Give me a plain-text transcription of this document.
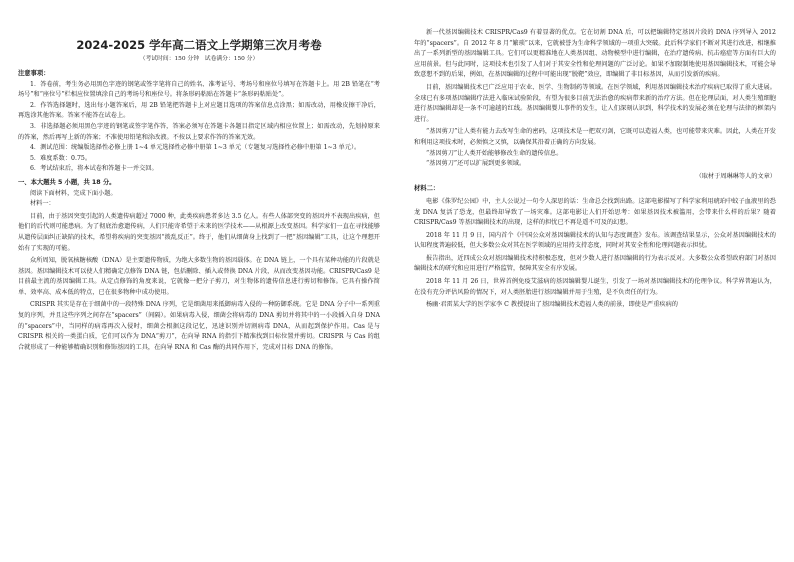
2024-2025 学年高二语文上学期第三次月考卷
（考试时间：150 分钟　试卷满分：150 分）
注意事项：

1．答卷前，考生务必用黑色字迹的钢笔或签字笔将自己的姓名、准考证号、考场号和座位号填写在答题卡上。用 2B 铅笔在“考场号”和“座位号”栏相应位置填涂自己的考场号和座位号。将条形码粘贴在答题卡“条形码粘贴处”。

2．作答选择题时，选出每小题答案后，用 2B 铅笔把答题卡上对应题目选项的答案信息点涂黑；如需改动，用橡皮擦干净后，再选涂其他答案。答案不能答在试卷上。

3．非选择题必须用黑色字迹的钢笔或签字笔作答，答案必须写在答题卡各题目指定区域内相应位置上；如需改动，先划掉原来的答案，然后再写上新的答案；不准使用铅笔和涂改液。不按以上要求作答的答案无效。

4．测试范围：统编版选择性必修上册 1~4 单元选择性必修中册第 1~3 单元（专题复习选择性必修中册第 1~3 单元）。

5．难度系数：0.75。

6．考试结束后，将本试卷和答题卡一并交回。

一、本大题共 5 小题，共 18 分。

阅读下面材料，完成下面小题。

材料一：

目前，由于基因突变引起的人类遗传病超过 7000 种，此类疾病患者多达 3.5 亿人。有些人体部突变的基因并不表现出疾病，但他们的后代则可能患病。为了彻底治愈遗传病，人们只能寄希望于未来的医学技术——从根源上改变基因。科学家们一直在寻找能够从遗传层面纠正缺陷的技术，希望将疾病的突变基因“拨乱反正”。终于，他们从细菌身上找到了一把“基因编辑”工具，让这个理想开始有了实现的可能。

众所周知，脱氧核糖核酸（DNA）是主要遗传物质，为绝大多数生物的基因载体。在 DNA 链上，一个具有某种功能的片段就是基因。基因编辑技术可以使人们精确定点修饰 DNA 链，包括删除、插入或替换 DNA 片段，从而改变基因功能。CRISPR/Cas9 是目前最主流的基因编辑工具。从定点修饰的角度来说，它就像一把分子剪刀，对生物体的遗传信息进行剪切和修饰。它具有操作简单、效率高、成本低的特点，已在很多物种中成功使用。

CRISPR 其实是存在于细菌中的一段特殊 DNA 序列，它是细菌用来抵御病毒入侵的一种防御系统。它是 DNA 分子中一系列重复的序列，并且这些序列之间存在“spacers”（间隔）。如果病毒入侵，细菌会将病毒的 DNA 剪切并将其中的一小段插入自身 DNA 的“spacers”中，当同样的病毒再次入侵时，细菌会根据这段记忆，迅速识别并切割病毒 DNA，从而起到保护作用。Cas 是与 CRISPR 相关的一类蛋白质，它们可以作为 DNA“剪刀”，在向导 RNA 的指引下精准找到目标位置并剪切。CRISPR 与 Cas 的组合就形成了一种能够精确识别和修饰基因的工具，在向导 RNA 和 Cas 酶的共同作用下，完成对目标 DNA 的修饰。

新一代基因编辑技术 CRISPR/Cas9 有着显著的优点。它在切割 DNA 后，可以把编辑特定基因片段的 DNA 序列导入 2012 年的“spacers”。自 2012 年 8 月“繁琐”以来，它就被誉为生命科学领域的一项重大突破。此后科学家们不断对其进行改进，相继推出了一系列新型的基因编辑工具。它们可以更精准地在人类基因组、动物模型中进行编辑，在治疗遗传病、抗击癌症等方面有巨大的应用前景。但与此同时，这项技术也引发了人们对于其安全性和伦理问题的广泛讨论。如果不加限制地使用基因编辑技术，可能会导致意想不到的后果，例如，在基因编辑的过程中可能出现“脱靶”效应，即编辑了非目标基因，从而引发新的疾病。

目前，基因编辑技术已广泛应用于农业、医学、生物制药等领域。在医学领域，利用基因编辑技术治疗疾病已取得了重大进展。全球已有多项基因编辑疗法进入临床试验阶段，有望为很多目前无法治愈的疾病带来新的治疗方法。但在伦理层面，对人类生殖细胞进行基因编辑却是一条不可逾越的红线。基因编辑婴儿事件的发生，让人们深刻认识到，科学技术的发展必须在伦理与法律的框架内进行。

“基因剪刀”让人类有能力去改写生命的密码，这项技术是一把双刃剑，它既可以造福人类，也可能带来灾难。因此，人类在开发和利用这项技术时，必须慎之又慎，以确保其沿着正确的方向发展。

“基因剪刀”让人类开始能够修改生命的遗传信息。

“基因剪刀”还可以扩展到更多领域。

（取材于周琳琳等人的文章）

材料二：

电影《侏罗纪公园》中，主人公说过一句令人深思的话：生命总会找到出路。这部电影描写了科学家利用琥珀中蚊子血液里的恐龙 DNA 复活了恐龙，但最终却导致了一场灾难。这部电影让人们开始思考：如果基因技术被滥用，会带来什么样的后果？随着 CRISPR/Cas9 等基因编辑技术的出现，这样的担忧已不再是遥不可及的幻想。

2018 年 11 月 9 日，国内首个《中国公众对基因编辑技术的认知与态度调查》发布。该调查结果显示，公众对基因编辑技术的认知程度普遍较低，但大多数公众对其在医学领域的应用持支持态度，同时对其安全性和伦理问题表示担忧。

报告指出，近四成公众对基因编辑技术持积极态度，但对少数人进行基因编辑的行为表示反对。大多数公众希望政府部门对基因编辑技术的研究和应用进行严格监管，保障其安全有序发展。

2018 年 11 月 26 日，世界首例免疫艾滋病的基因编辑婴儿诞生，引发了一场对基因编辑技术的伦理争议。科学界普遍认为，在没有充分评估风险的情况下，对人类胚胎进行基因编辑并用于生殖，是不负责任的行为。

杨幽·君雷某大学的医学家李 C 教授提出了基因编辑技术造福人类的前景，即使是严重疾病的
